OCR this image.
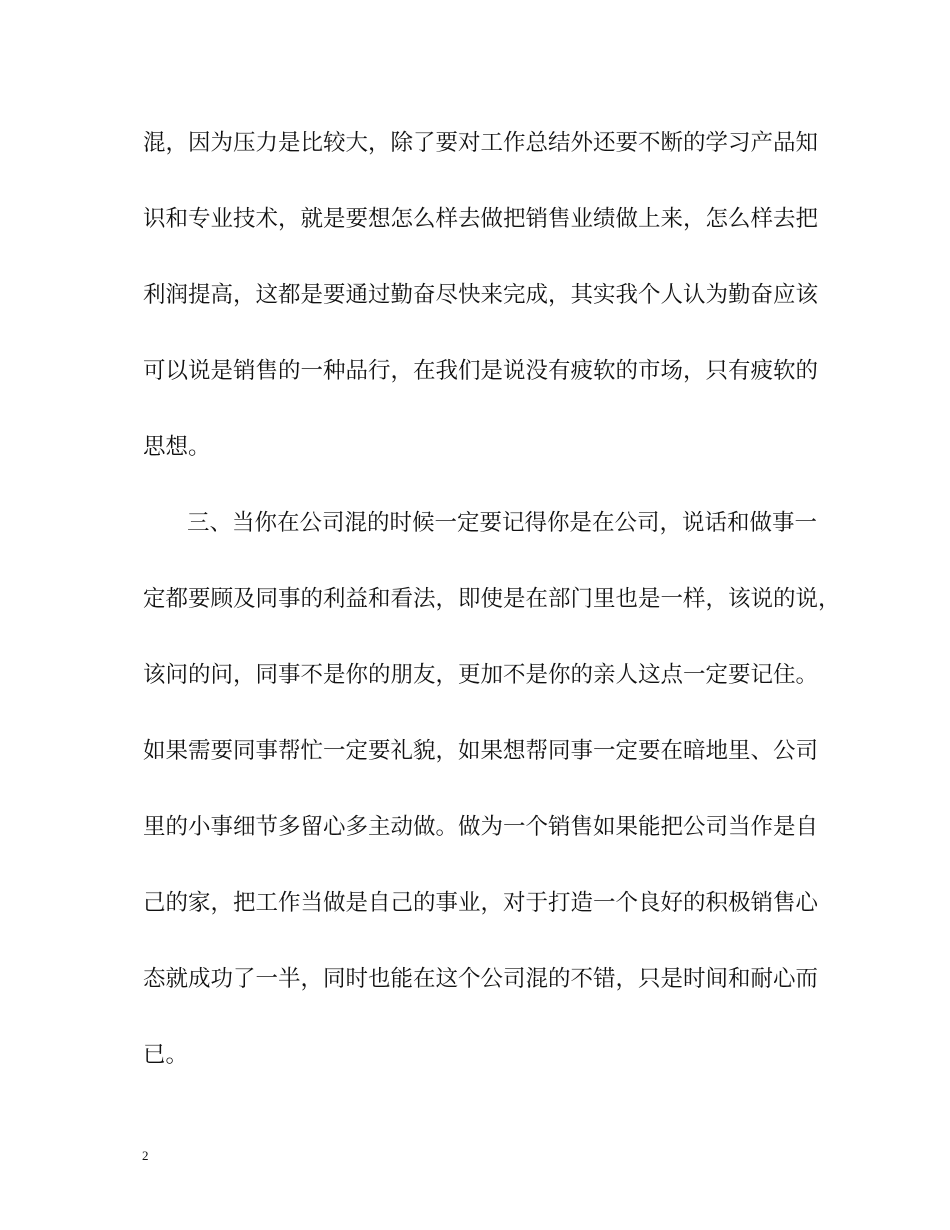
混，因为压力是比较大，除了要对工作总结外还要不断的学习产品知
识和专业技术，就是要想怎么样去做把销售业绩做上来，怎么样去把
利润提高，这都是要通过勤奋尽快来完成，其实我个人认为勤奋应该
可以说是销售的一种品行，在我们是说没有疲软的市场，只有疲软的
思想。
三、当你在公司混的时候一定要记得你是在公司，说话和做事一
定都要顾及同事的利益和看法，即使是在部门里也是一样，该说的说，
该问的问，同事不是你的朋友，更加不是你的亲人这点一定要记住。
如果需要同事帮忙一定要礼貌，如果想帮同事一定要在暗地里、公司
里的小事细节多留心多主动做。做为一个销售如果能把公司当作是自
己的家，把工作当做是自己的事业，对于打造一个良好的积极销售心
态就成功了一半，同时也能在这个公司混的不错，只是时间和耐心而
已。
2
